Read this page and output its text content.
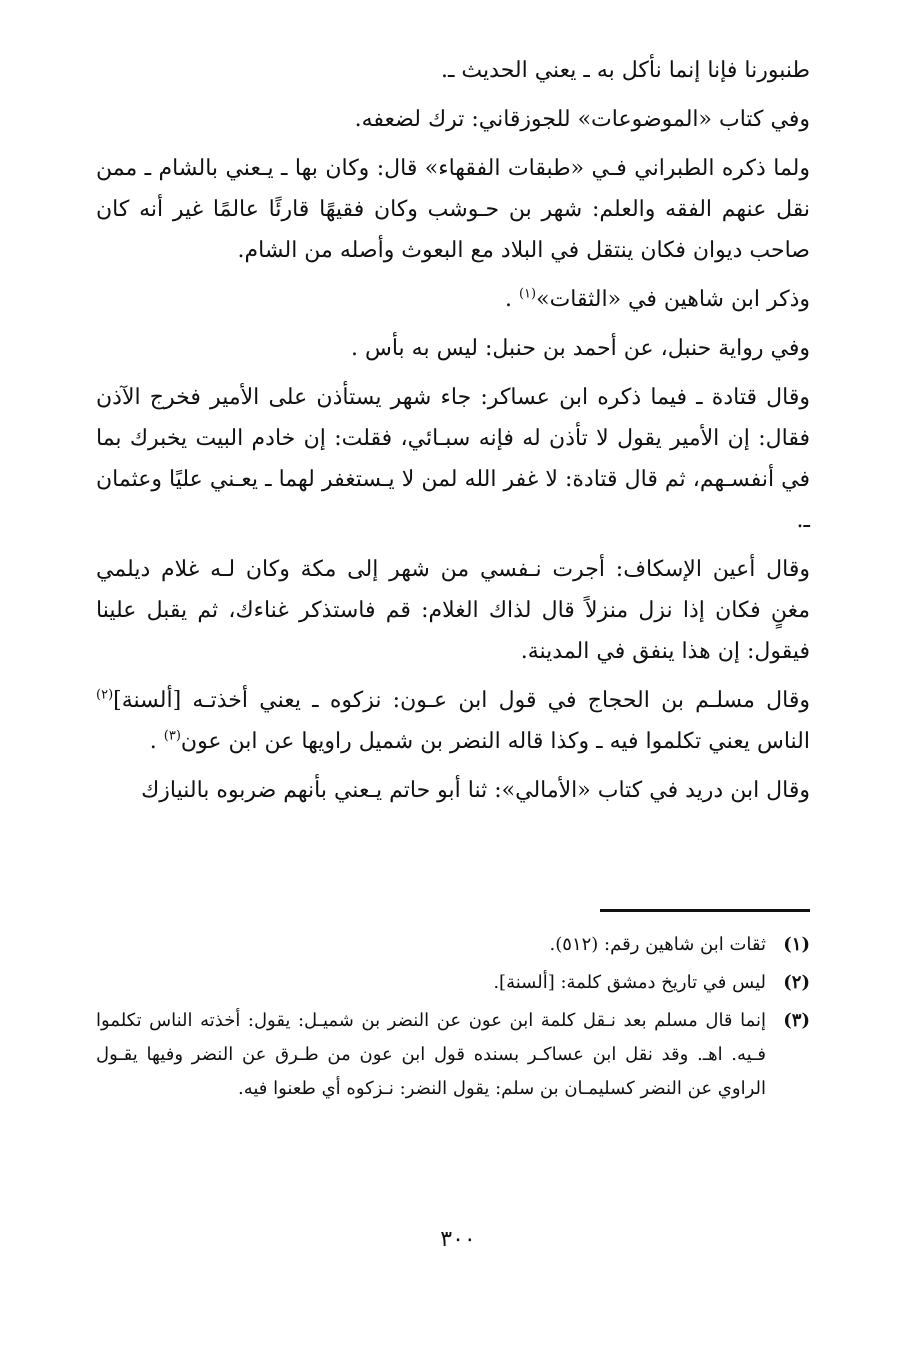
طنبورنا فإنا إنما نأكل به ـ يعني الحديث ـ.

وفي كتاب «الموضوعات» للجوزقاني: ترك لضعفه.

ولما ذكره الطبراني فـي «طبقات الفقهاء» قال: وكان بها ـ يـعني بالشام ـ ممن نقل عنهم الفقه والعلم: شهر بن حـوشب وكان فقيهًا قارئًا عالمًا غير أنه كان صاحب ديوان فكان ينتقل في البلاد مع البعوث وأصله من الشام.

وذكر ابن شاهين في «الثقات»$^{(١)}$ .

وفي رواية حنبل، عن أحمد بن حنبل: ليس به بأس .

وقال قتادة ـ فيما ذكره ابن عساكر: جاء شهر يستأذن على الأمير فخرج الآذن فقال: إن الأمير يقول لا تأذن له فإنه سبـائي، فقلت: إن خادم البيت يخبرك بما في أنفسـهم، ثم قال قتادة: لا غفر الله لمن لا يـستغفر لهما ـ يعـني عليًا وعثمان ـ.

وقال أعين الإسكاف: أجرت نـفسي من شهر إلى مكة وكان لـه غلام ديلمي مغنٍ فكان إذا نزل منزلاً قال لذاك الغلام: قم فاستذكر غناءك، ثم يقبل علينا فيقول: إن هذا ينفق في المدينة.

وقال مسلـم بن الحجاج في قول ابن عـون: نزكوه ـ يعني أخذتـه [ألسنة]$^{(٢)}$ الناس يعني تكلموا فيه ـ وكذا قاله النضر بن شميل راويها عن ابن عون$^{(٣)}$ .

وقال ابن دريد في كتاب «الأمالي»: ثنا أبو حاتم يـعني بأنهم ضربوه بالنيازك

(١)
ثقات ابن شاهين رقم: (٥١٢).
(٢)
ليس في تاريخ دمشق كلمة: [ألسنة].
(٣)
إنما قال مسلم بعد نـقل كلمة ابن عون عن النضر بن شميـل: يقول: أخذته الناس تكلموا فـيه. اهـ. وقد نقل ابن عساكـر بسنده قول ابن عون من طـرق عن النضر وفيها يقـول الراوي عن النضر كسليمـان بن سلم: يقول النضر: نـزكوه أي طعنوا فيه.
٣٠٠
